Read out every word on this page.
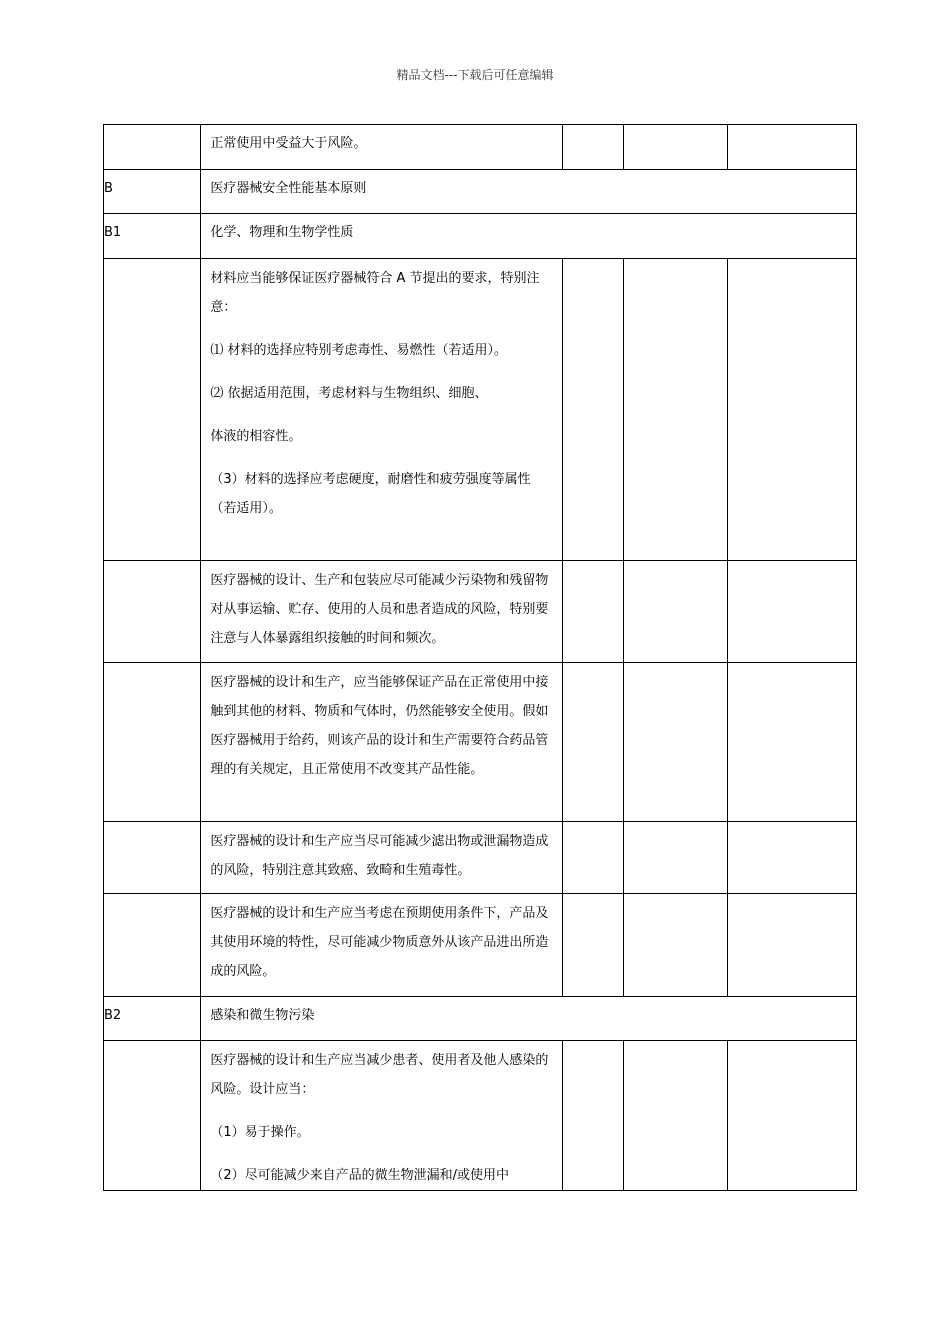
精品文档---下载后可任意编辑

	正常使用中受益大于风险。			

B	医疗器械安全性能基本原则			

B1	化学、物理和生物学性质			

	材料应当能够保证医疗器械符合 A 节提出的要求，特别注意：

⑴ 材料的选择应特别考虑毒性、易燃性（若适用）。

⑵ 依据适用范围，考虑材料与生物组织、细胞、

体液的相容性。

（3）材料的选择应考虑硬度，耐磨性和疲劳强度等属性（若适用）。			

	医疗器械的设计、生产和包装应尽可能减少污染物和残留物对从事运输、贮存、使用的人员和患者造成的风险，特别要注意与人体暴露组织接触的时间和频次。			

	医疗器械的设计和生产，应当能够保证产品在正常使用中接触到其他的材料、物质和气体时，仍然能够安全使用。假如医疗器械用于给药，则该产品的设计和生产需要符合药品管理的有关规定，且正常使用不改变其产品性能。			

	医疗器械的设计和生产应当尽可能减少滤出物或泄漏物造成的风险，特别注意其致癌、致畸和生殖毒性。			

	医疗器械的设计和生产应当考虑在预期使用条件下，产品及其使用环境的特性，尽可能减少物质意外从该产品进出所造成的风险。			

B2	感染和微生物污染			

	医疗器械的设计和生产应当减少患者、使用者及他人感染的风险。设计应当：

（1）易于操作。

（2）尽可能减少来自产品的微生物泄漏和/或使用中			
